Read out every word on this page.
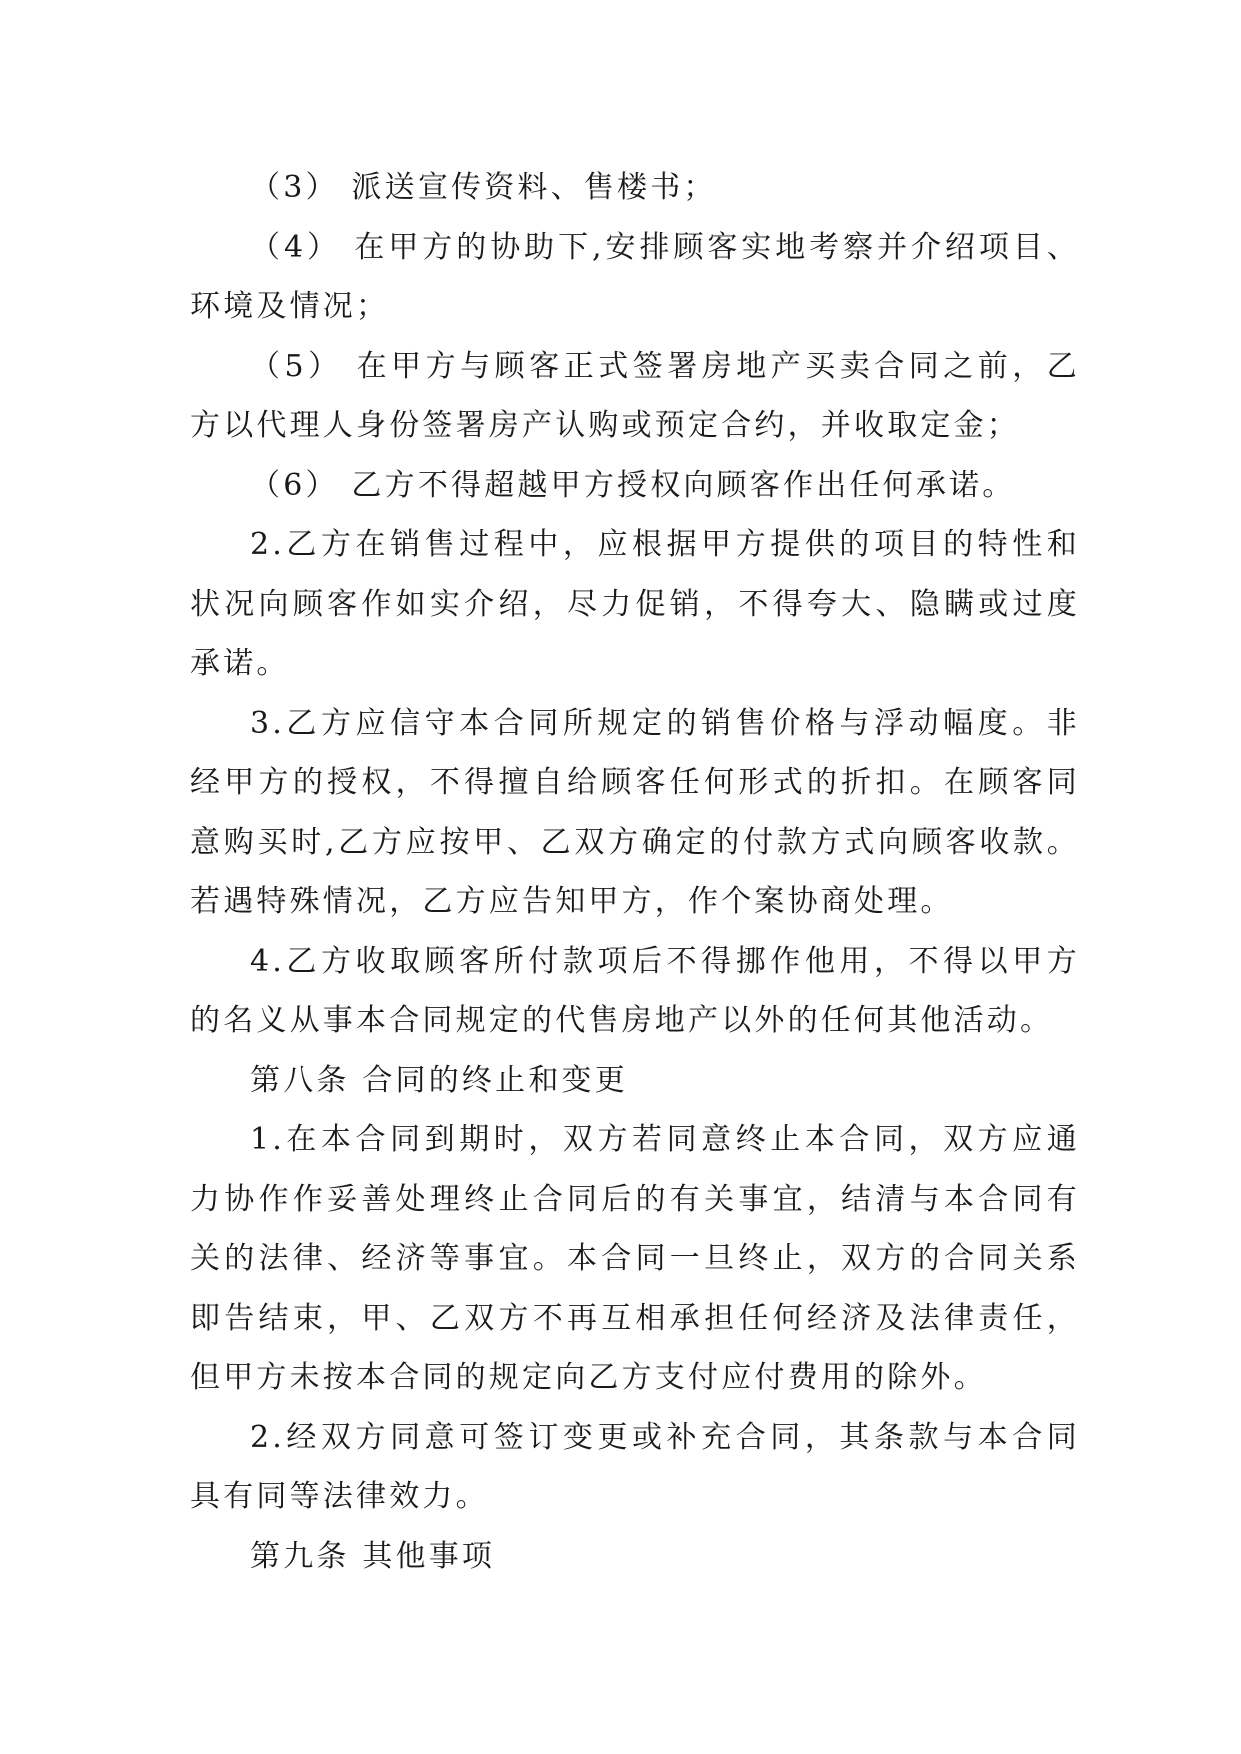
（3） 派送宣传资料、售楼书；

（4） 在甲方的协助下,安排顾客实地考察并介绍项目、环境及情况；

（5） 在甲方与顾客正式签署房地产买卖合同之前，乙方以代理人身份签署房产认购或预定合约，并收取定金；

（6） 乙方不得超越甲方授权向顾客作出任何承诺。

2.乙方在销售过程中，应根据甲方提供的项目的特性和状况向顾客作如实介绍，尽力促销，不得夸大、隐瞒或过度承诺。

3.乙方应信守本合同所规定的销售价格与浮动幅度。非经甲方的授权，不得擅自给顾客任何形式的折扣。在顾客同意购买时,乙方应按甲、乙双方确定的付款方式向顾客收款。若遇特殊情况，乙方应告知甲方，作个案协商处理。

4.乙方收取顾客所付款项后不得挪作他用，不得以甲方的名义从事本合同规定的代售房地产以外的任何其他活动。

第八条 合同的终止和变更

1.在本合同到期时，双方若同意终止本合同，双方应通力协作作妥善处理终止合同后的有关事宜，结清与本合同有关的法律、经济等事宜。本合同一旦终止，双方的合同关系即告结束，甲、乙双方不再互相承担任何经济及法律责任，但甲方未按本合同的规定向乙方支付应付费用的除外。

2.经双方同意可签订变更或补充合同，其条款与本合同具有同等法律效力。

第九条 其他事项
